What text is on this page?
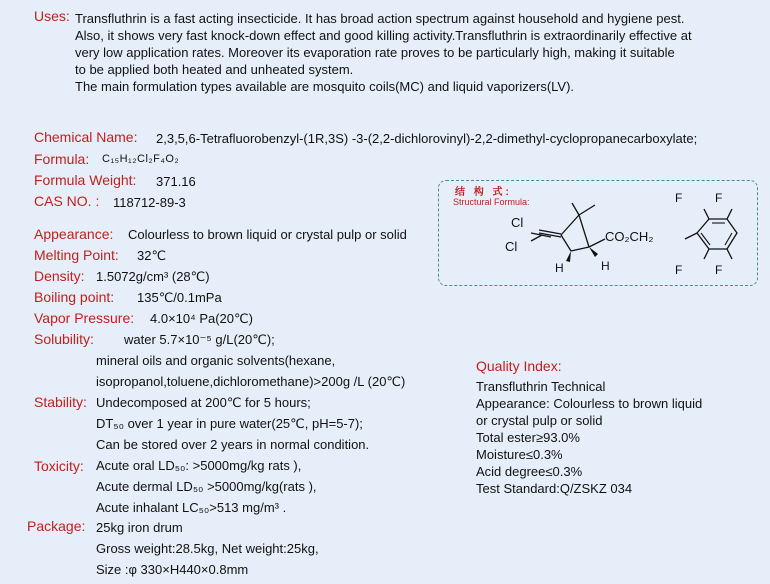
Uses: Transfluthrin is a fast acting insecticide. It has broad action spectrum against household and hygiene pest.
Also, it shows very fast knock-down effect and good killing activity.Transfluthrin is extraordinarily effective at
very low application rates. Moreover its evaporation rate proves to be particularly high, making it suitable
to be applied both heated and unheated system.
The main formulation types available are mosquito coils(MC) and liquid vaporizers(LV).
Chemical Name: 2,3,5,6-Tetrafluorobenzyl-(1R,3S) -3-(2,2-dichlorovinyl)-2,2-dimethyl-cyclopropanecarboxylate;
Formula: C₁₅H₁₂Cl₂F₄O₂
Formula Weight: 371.16
CAS NO. : 118712-89-3
结 构 式:
Structural Formula:
Cl
Cl
H	H
CO₂CH₂
F	F
F
F
Appearance: Colourless to brown liquid or crystal pulp or solid
Melting Point: 32℃
Density: 1.5072g/cm³ (28℃)
Boiling point: 135℃/0.1mPa
Vapor Pressure: 4.0×10⁴ Pa(20℃)
Solubility: water 5.7×10⁻⁵ g/L(20℃);
mineral oils and organic solvents(hexane,
isopropanol,toluene,dichloromethane)>200g /L (20℃)
Stability: Undecomposed at 200℃ for 5 hours;
DT₅₀ over 1 year in pure water(25℃, pH=5-7);
Can be stored over 2 years in normal condition.
Toxicity: Acute oral LD₅₀: >5000mg/kg rats ),
Acute dermal LD₅₀ >5000mg/kg(rats ),
Acute inhalant LC₅₀>513 mg/m³ .
Package: 25kg iron drum
Gross weight:28.5kg, Net weight:25kg,
Size :φ 330×H440×0.8mm
Quality Index:
Transfluthrin Technical
Appearance: Colourless to brown liquid
or crystal pulp or solid
Total ester≥93.0%
Moisture≤0.3%
Acid degree≤0.3%
Test Standard:Q/ZSKZ 034
